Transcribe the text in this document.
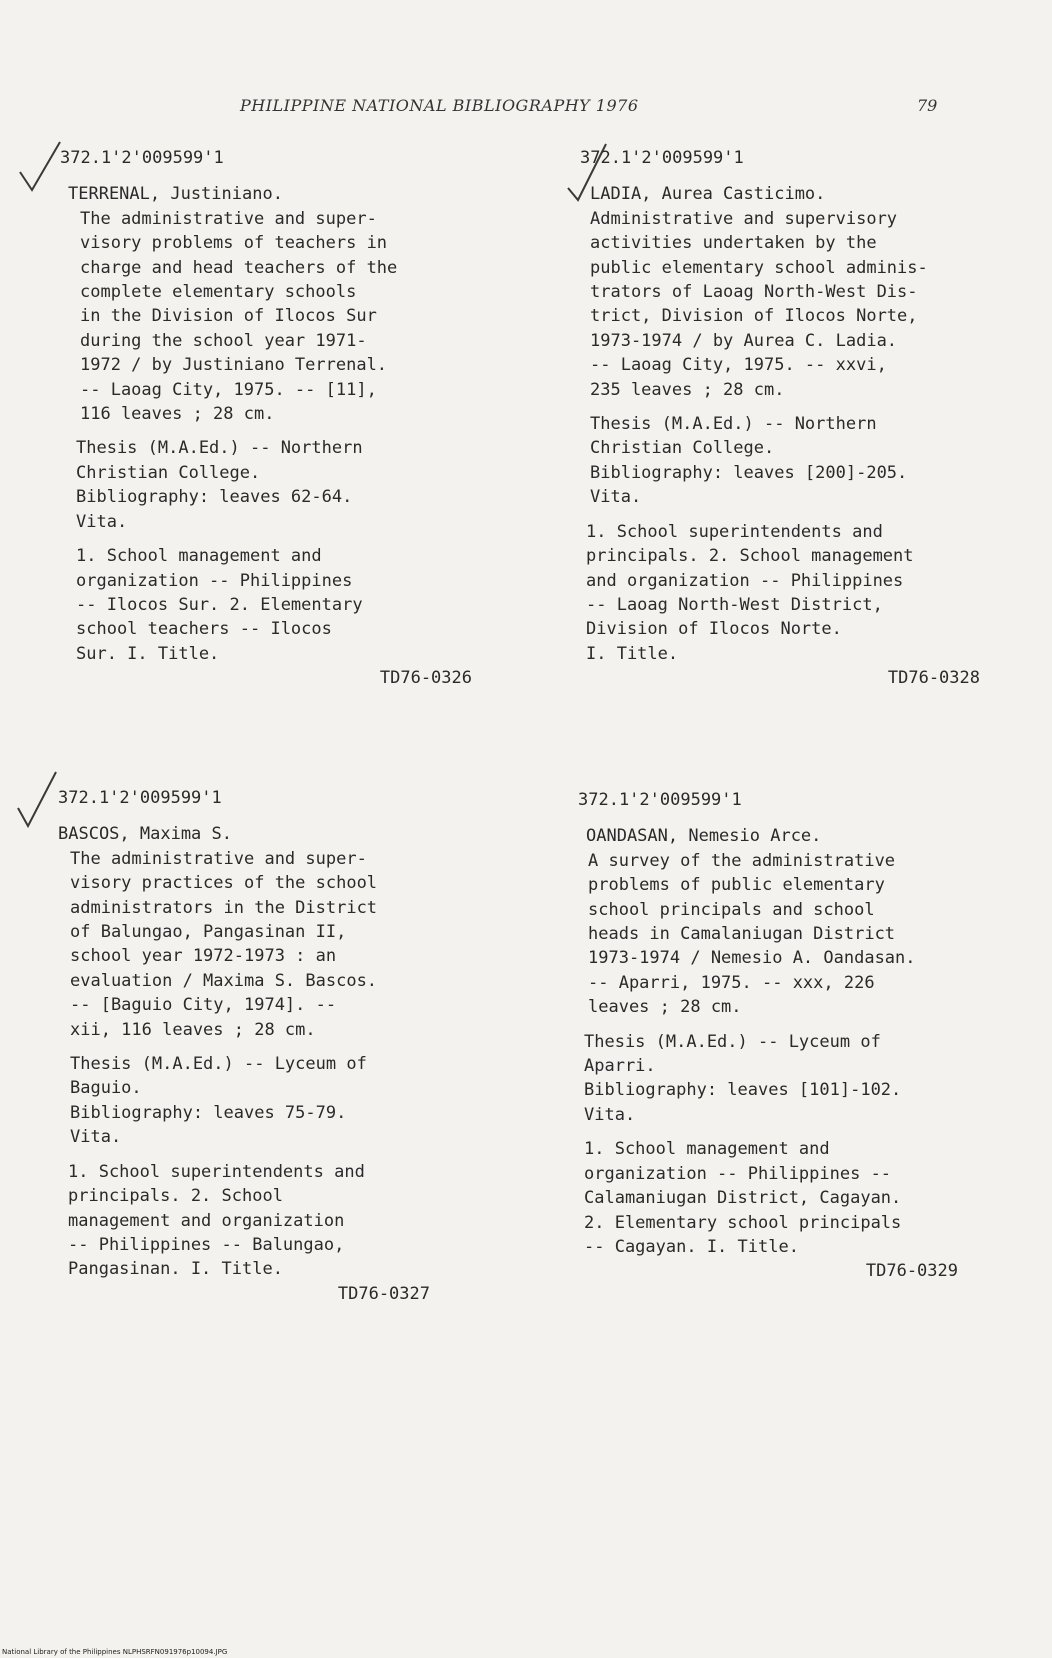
PHILIPPINE NATIONAL BIBLIOGRAPHY 1976	79
372.1'2'009599'1
TERRENAL, Justiniano.
The administrative and super-
visory problems of teachers in
charge and head teachers of the
complete elementary schools
in the Division of Ilocos Sur
during the school year 1971-
1972 / by Justiniano Terrenal.
-- Laoag City, 1975. -- [11],
116 leaves ; 28 cm.
Thesis (M.A.Ed.) -- Northern
Christian College.
Bibliography: leaves 62-64.
Vita.
1. School management and
organization -- Philippines
-- Ilocos Sur. 2. Elementary
school teachers -- Ilocos
Sur. I. Title.
TD76-0326
372.1'2'009599'1
LADIA, Aurea Casticimo.
Administrative and supervisory
activities undertaken by the
public elementary school adminis-
trators of Laoag North-West Dis-
trict, Division of Ilocos Norte,
1973-1974 / by Aurea C. Ladia.
-- Laoag City, 1975. -- xxvi,
235 leaves ; 28 cm.
Thesis (M.A.Ed.) -- Northern
Christian College.
Bibliography: leaves [200]-205.
Vita.
1. School superintendents and
principals. 2. School management
and organization -- Philippines
-- Laoag North-West District,
Division of Ilocos Norte.
I. Title.
TD76-0328
372.1'2'009599'1
BASCOS, Maxima S.
The administrative and super-
visory practices of the school
administrators in the District
of Balungao, Pangasinan II,
school year 1972-1973 : an
evaluation / Maxima S. Bascos.
-- [Baguio City, 1974]. --
xii, 116 leaves ; 28 cm.
Thesis (M.A.Ed.) -- Lyceum of
Baguio.
Bibliography: leaves 75-79.
Vita.
1. School superintendents and
principals. 2. School
management and organization
-- Philippines -- Balungao,
Pangasinan. I. Title.
TD76-0327
372.1'2'009599'1
OANDASAN, Nemesio Arce.
A survey of the administrative
problems of public elementary
school principals and school
heads in Camalaniugan District
1973-1974 / Nemesio A. Oandasan.
-- Aparri, 1975. -- xxx, 226
leaves ; 28 cm.
Thesis (M.A.Ed.) -- Lyceum of
Aparri.
Bibliography: leaves [101]-102.
Vita.
1. School management and
organization -- Philippines --
Calamaniugan District, Cagayan.
2. Elementary school principals
-- Cagayan. I. Title.
TD76-0329
National Library of the Philippines NLPHSRFN091976p10094.JPG
